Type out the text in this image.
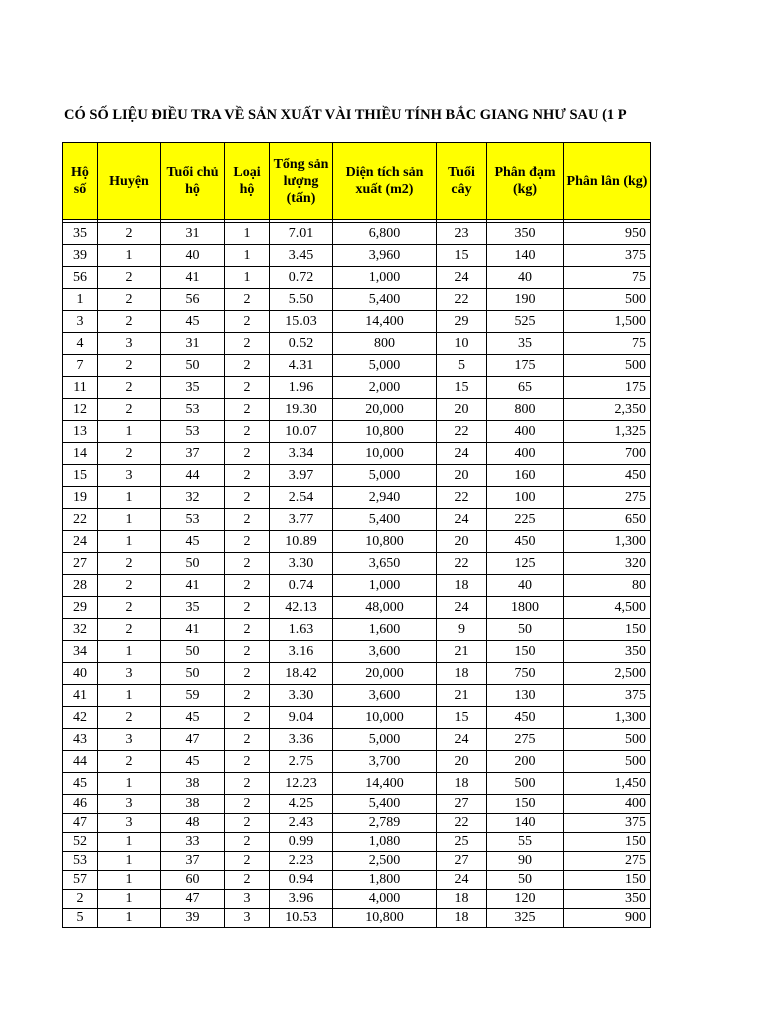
CÓ SỐ LIỆU ĐIỀU TRA VỀ SẢN XUẤT VÀI THIỀU TÍNH BẮC GIANG NHƯ SAU (1 P
Hộ số	Huyện	Tuổi chủ hộ	Loại hộ	Tổng sản lượng (tấn)	Diện tích sản xuất (m2)	Tuổi cây	Phân đạm (kg)	Phân lân (kg)

35	2	31	1	7.01	6,800	23	350	950
39	1	40	1	3.45	3,960	15	140	375
56	2	41	1	0.72	1,000	24	40	75
1	2	56	2	5.50	5,400	22	190	500
3	2	45	2	15.03	14,400	29	525	1,500
4	3	31	2	0.52	800	10	35	75
7	2	50	2	4.31	5,000	5	175	500
11	2	35	2	1.96	2,000	15	65	175
12	2	53	2	19.30	20,000	20	800	2,350
13	1	53	2	10.07	10,800	22	400	1,325
14	2	37	2	3.34	10,000	24	400	700
15	3	44	2	3.97	5,000	20	160	450
19	1	32	2	2.54	2,940	22	100	275
22	1	53	2	3.77	5,400	24	225	650
24	1	45	2	10.89	10,800	20	450	1,300
27	2	50	2	3.30	3,650	22	125	320
28	2	41	2	0.74	1,000	18	40	80
29	2	35	2	42.13	48,000	24	1800	4,500
32	2	41	2	1.63	1,600	9	50	150
34	1	50	2	3.16	3,600	21	150	350
40	3	50	2	18.42	20,000	18	750	2,500
41	1	59	2	3.30	3,600	21	130	375
42	2	45	2	9.04	10,000	15	450	1,300
43	3	47	2	3.36	5,000	24	275	500
44	2	45	2	2.75	3,700	20	200	500
45	1	38	2	12.23	14,400	18	500	1,450
46	3	38	2	4.25	5,400	27	150	400
47	3	48	2	2.43	2,789	22	140	375
52	1	33	2	0.99	1,080	25	55	150
53	1	37	2	2.23	2,500	27	90	275
57	1	60	2	0.94	1,800	24	50	150
2	1	47	3	3.96	4,000	18	120	350
5	1	39	3	10.53	10,800	18	325	900
